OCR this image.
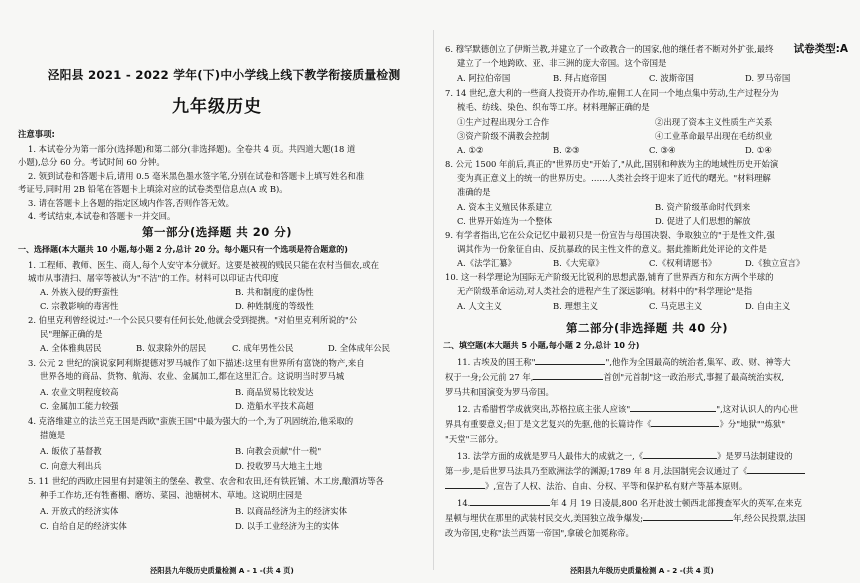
试卷类型:A
泾阳县 2021 - 2022 学年(下)中小学线上线下教学衔接质量检测
九年级历史
注意事项:
1. 本试卷分为第一部分(选择题)和第二部分(非选择题)。全卷共 4 页。共四道大题(18 道
小题),总分 60 分。考试时间 60 分钟。
2. 领到试卷和答题卡后,请用 0.5 毫米黑色墨水签字笔,分别在试卷和答题卡上填写姓名和准
考证号,同时用 2B 铅笔在答题卡上填涂对应的试卷类型信息点(A 或 B)。
3. 请在答题卡上各题的指定区域内作答,否则作答无效。
4. 考试结束,本试卷和答题卡一并交回。
第一部分(选择题 共 20 分)
一、选择题(本大题共 10 小题,每小题 2 分,总计 20 分。每小题只有一个选项是符合题意的)
1. 工程师、教师、医生、商人,每个人安守本分就好。这要是被视的贱民只能在农村当佃农,或在
城市从事清扫、屠宰等被认为"不洁"的工作。材料可以印证古代印度
A. 外族入侵的野蛮性	B. 共和制度的虚伪性
C. 宗教影响的毒害性	D. 种姓制度的等级性
2. 伯里克利曾经说过:"一个公民只要有任何长处,他就会受到提携。"对伯里克利所说的"公
民"理解正确的是
A. 全体雅典居民	B. 奴隶除外的居民	C. 成年男性公民	D. 全体成年公民
3. 公元 2 世纪的演说家阿利斯提德对罗马城作了如下描述:这里有世界所有富饶的物产,来自
世界各地的商品、货物、航海、农业、金属加工,都在这里汇合。这说明当时罗马城
A. 农业文明程度较高	B. 商品贸易比较发达
C. 金属加工能力较强	D. 造船水平技术高超
4. 克洛维建立的法兰克王国是西欧"蛮族王国"中最为强大的一个,为了巩固统治,他采取的
措施是
A. 皈依了基督教	B. 向教会贡献"什一税"
C. 向意大利出兵	D. 投收罗马大地主土地
5. 11 世纪的西欧庄园里有封建领主的堡垒、教堂、农舍和农田,还有铁匠铺、木工房,酿酒坊等各
种手工作坊,还有牲畜棚、磨坊、菜园、池塘树木、草地。这说明庄园是
A. 开放式的经济实体	B. 以商品经济为主的经济实体
C. 自给自足的经济实体	D. 以手工业经济为主的实体
泾阳县九年级历史质量检测 A - 1 -(共 4 页)
6. 穆罕默德创立了伊斯兰教,并建立了一个政教合一的国家,他的继任者不断对外扩张,最终
建立了一个地跨欧、亚、非三洲的庞大帝国。这个帝国是
A. 阿拉伯帝国	B. 拜占庭帝国	C. 波斯帝国	D. 罗马帝国
7. 14 世纪,意大利的一些商人投资开办作坊,雇佣工人在同一个地点集中劳动,生产过程分为
梳毛、纺线、染色、织布等工序。材料理解正确的是
①生产过程出现分工合作	②出现了资本主义性质生产关系
③资产阶级不满教会控制	④工业革命最早出现在毛纺织业
A. ①②	B. ②③	C. ③④	D. ①④
8. 公元 1500 年前后,真正的"世界历史"开始了,"从此,国别和种族为主的地域性历史开始演
变为真正意义上的统一的世界历史。……人类社会终于迎来了近代的曙光。"材料理解
准确的是
A. 资本主义殖民体系建立	B. 资产阶级革命时代到来
C. 世界开始连为一个整体	D. 促进了人们思想的解放
9. 有学者指出,它在公众记忆中最初只是一份宣告与母国决裂、争取独立的"于是性文件,强
调其作为一份象征自由、反抗暴政的民主性文件的意义。据此推断此处评论的文件是
A.《法学汇纂》	B.《大宪章》	C.《权利请愿书》	D.《独立宣言》
10. 这一科学理论为国际无产阶级无比锐利的思想武器,铺育了世界西方和东方两个半球的
无产阶级革命运动,对人类社会的进程产生了深远影响。材料中的"科学理论"是指
A. 人文主义	B. 理想主义	C. 马克思主义	D. 自由主义
第二部分(非选择题 共 40 分)
二、填空题(本大题共 5 小题,每小题 2 分,总计 10 分)
11. 古埃及的国王称"	",他作为全国最高的统治者,集军、政、财、神等大
权于一身;公元前 27 年,	首创"元首制"这一政治形式,事握了最高统治实权,
罗马共和国演变为罗马帝国。
12. 古希腊哲学成就突出,苏格拉底主张人应该"	",这对认识人的内心世
界具有重要意义;但丁是文艺复兴的先驱,他的长篇诗作《	》分"地狱""炼狱"
"天堂"三部分。
13. 法学方面的成就是罗马人最伟大的成就之一,《	》是罗马法制建设的
第一步,是后世罗马法具乃至欧洲法学的渊源;1789 年 8 月,法国制宪会议通过了《
》,宣告了人权、法治、自由、分权、平等和保护私有财产等基本原则。
14.	年 4 月 19 日凌晨,800 名开赴波士顿西北部搜查军火的英军,在来克
星顿与埋伏在那里的武装村民交火,美国独立战争爆发;	年,经公民投票,法国
改为帝国,史称"法兰西第一帝国",拿破仑加冕称帝。
泾阳县九年级历史质量检测 A - 2 -(共 4 页)
